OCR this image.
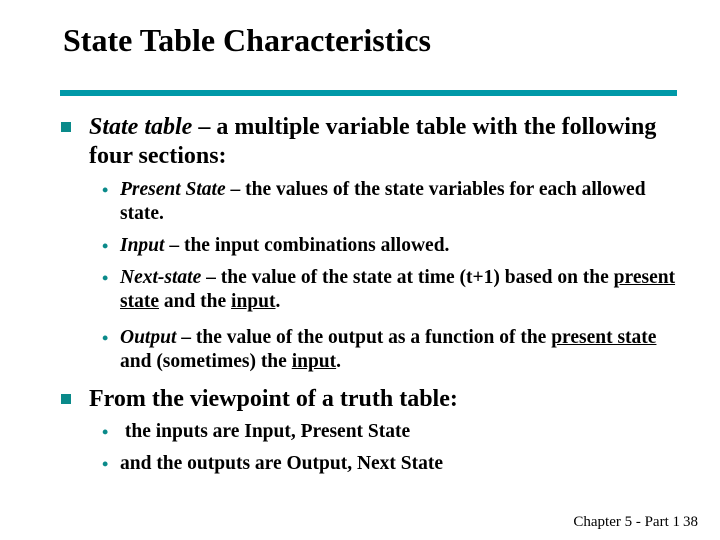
State Table Characteristics
State table – a multiple variable table with the following four sections:
• Present State – the values of the state variables for each allowed state.
• Input – the input combinations allowed.
• Next-state – the value of the state at time (t+1) based on the present state and the input.
• Output – the value of the output as a function of the present state and (sometimes) the input.
From the viewpoint of a truth table:
• the inputs are Input, Present State
• and the outputs are Output, Next State
Chapter 5 - Part 1 38
